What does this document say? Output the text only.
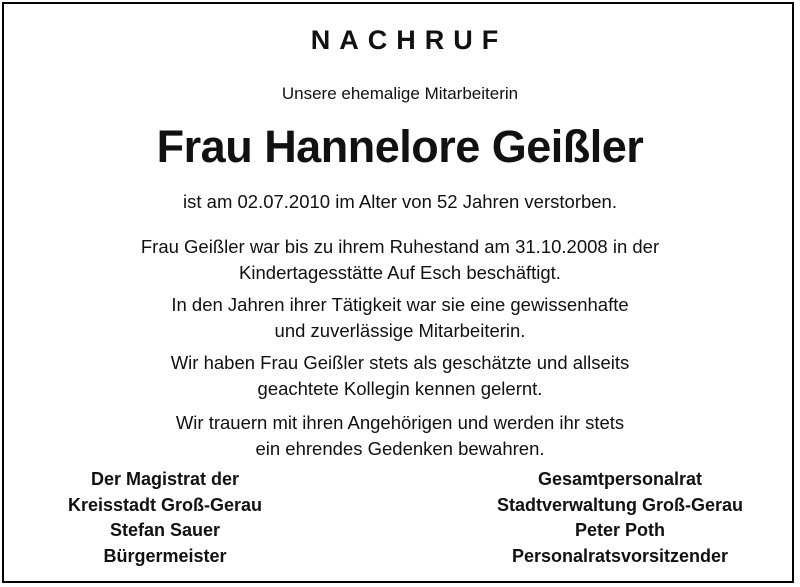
NACHRUF
Unsere ehemalige Mitarbeiterin
Frau Hannelore Geißler
ist am 02.07.2010 im Alter von 52 Jahren verstorben.

Frau Geißler war bis zu ihrem Ruhestand am 31.10.2008 in der
Kindertagesstätte Auf Esch beschäftigt.

In den Jahren ihrer Tätigkeit war sie eine gewissenhafte
und zuverlässige Mitarbeiterin.

Wir haben Frau Geißler stets als geschätzte und allseits
geachtete Kollegin kennen gelernt.

Wir trauern mit ihren Angehörigen und werden ihr stets
ein ehrendes Gedenken bewahren.

Der Magistrat der
Kreisstadt Groß-Gerau
Stefan Sauer
Bürgermeister
Gesamtpersonalrat
Stadtverwaltung Groß-Gerau
Peter Poth
Personalratsvorsitzender
